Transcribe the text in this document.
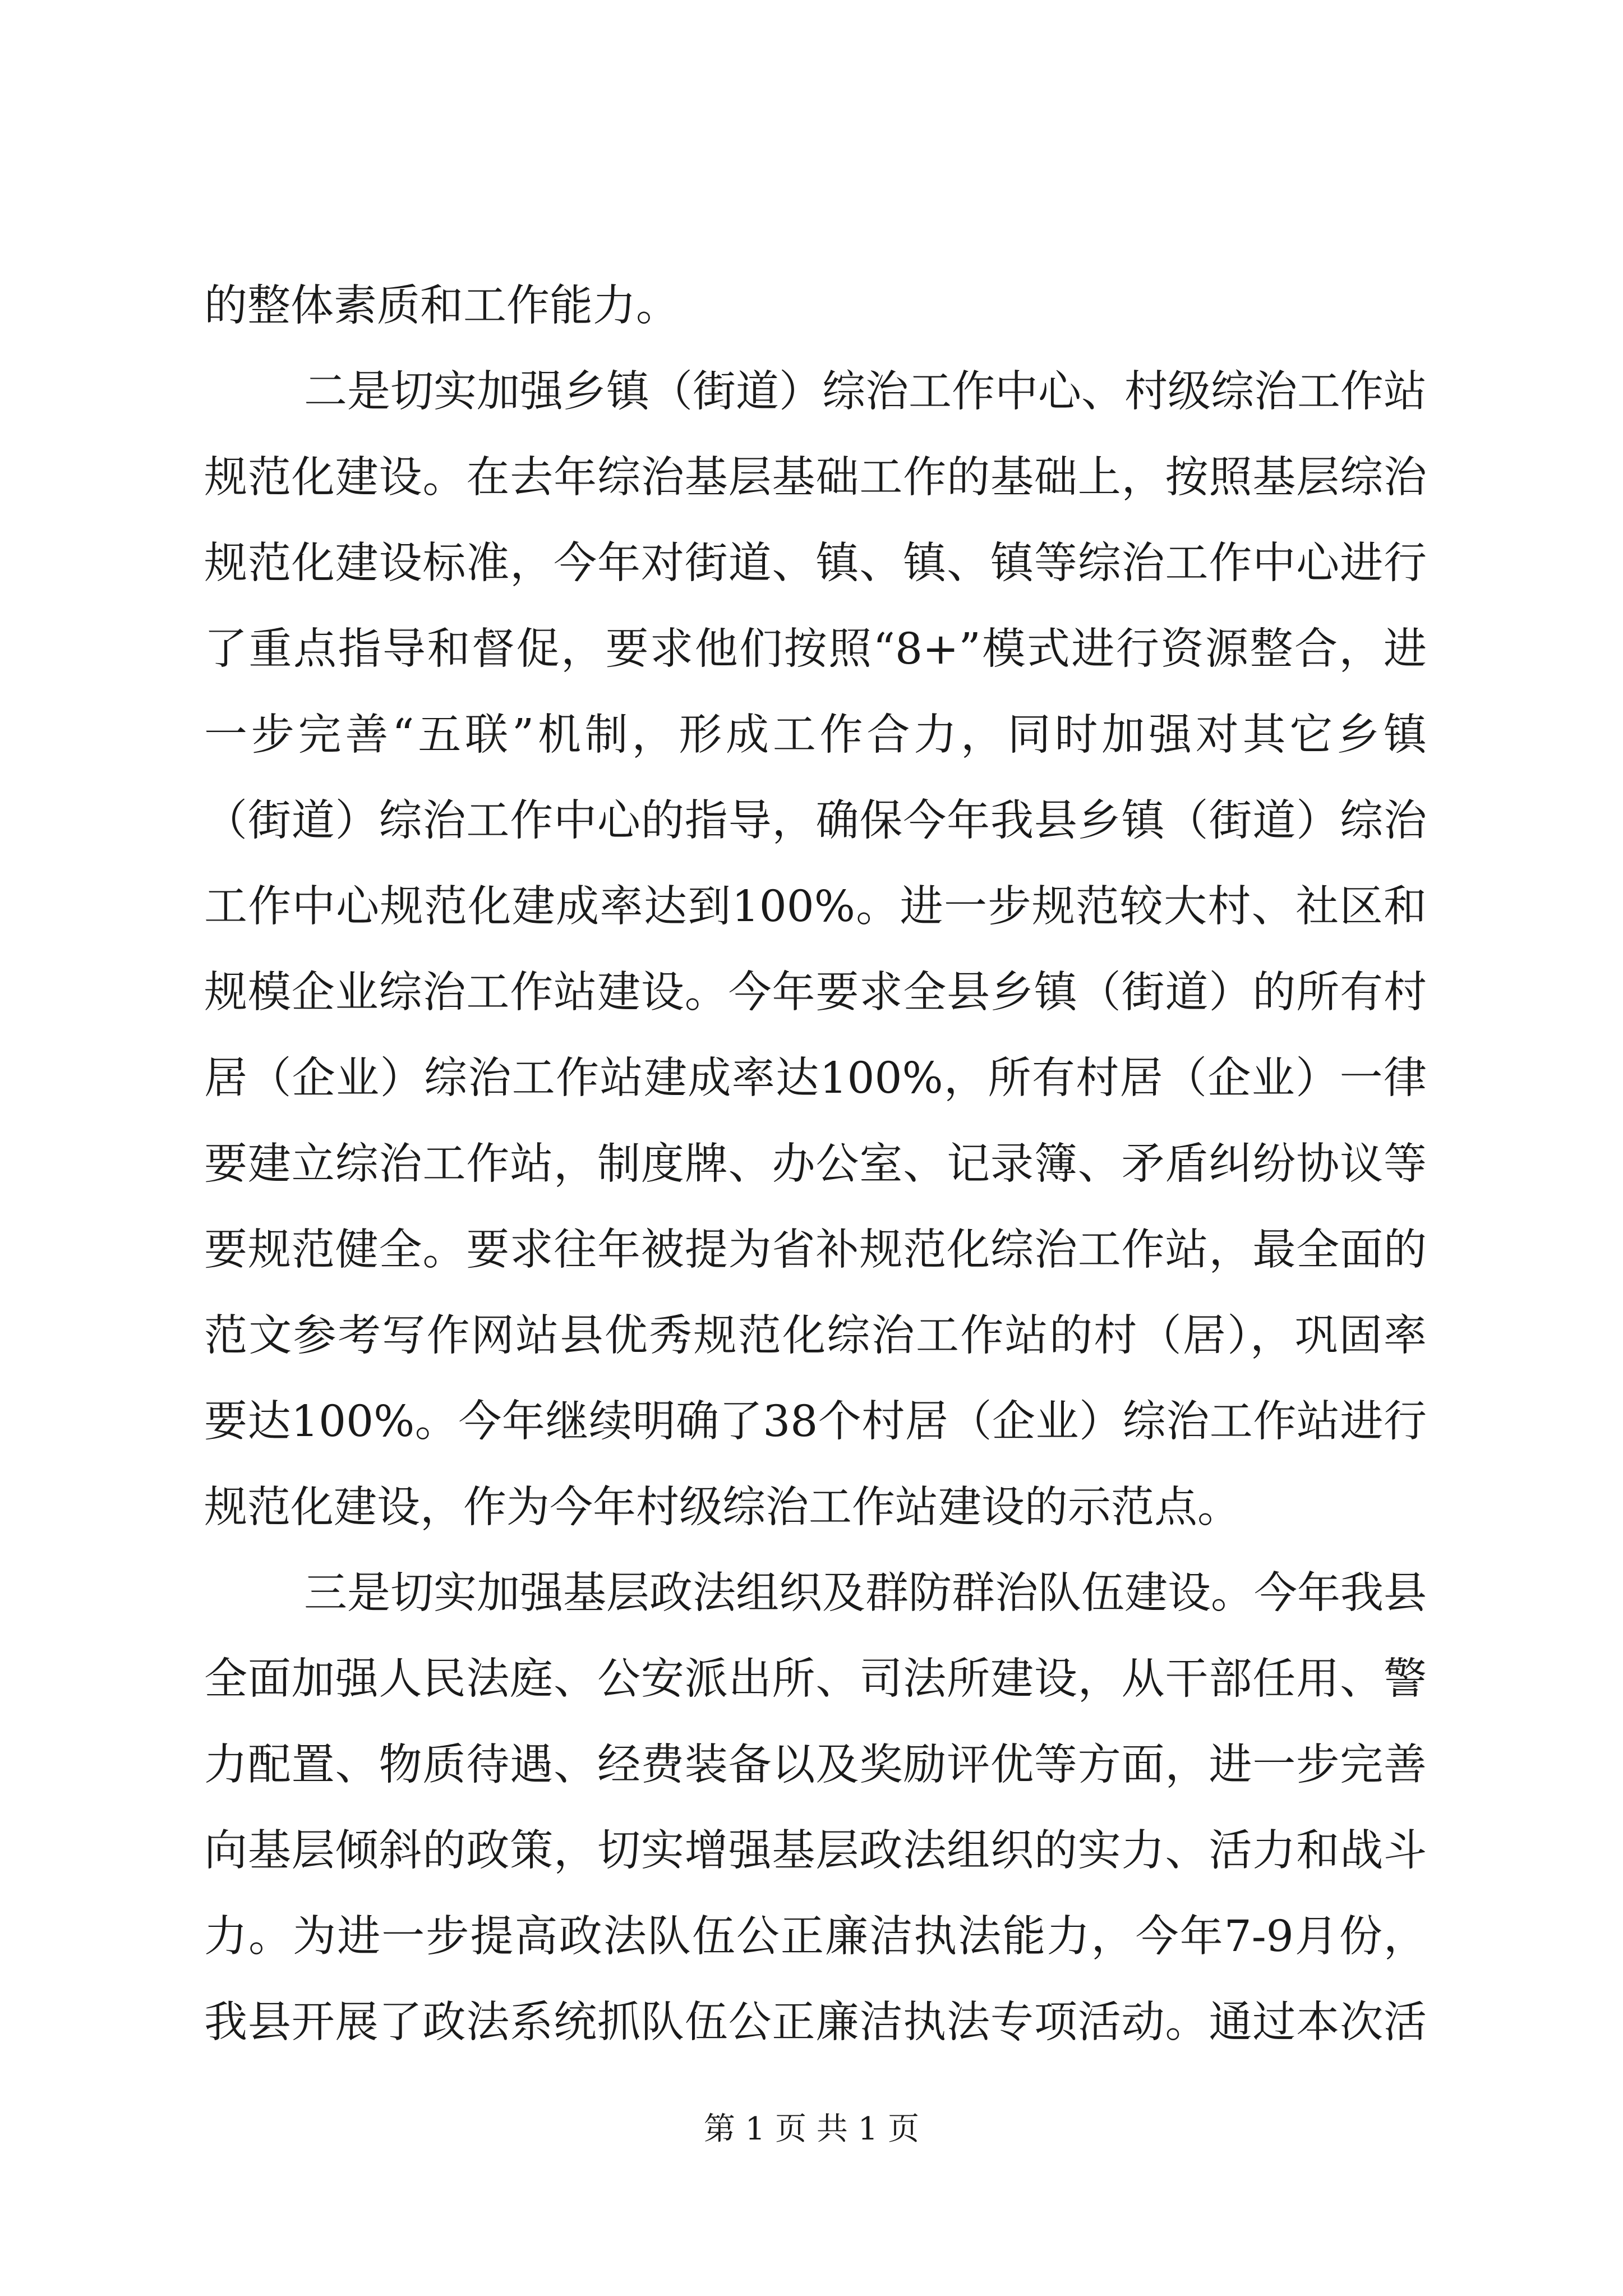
的整体素质和工作能力。
二是切实加强乡镇（街道）综治工作中心、村级综治工作站
规范化建设。在去年综治基层基础工作的基础上，按照基层综治
规范化建设标准，今年对街道、镇、镇、镇等综治工作中心进行
了重点指导和督促，要求他们按照“8+”模式进行资源整合，进
一步完善“五联”机制，形成工作合力，同时加强对其它乡镇
（街道）综治工作中心的指导，确保今年我县乡镇（街道）综治
工作中心规范化建成率达到100%。进一步规范较大村、社区和
规模企业综治工作站建设。今年要求全县乡镇（街道）的所有村
居（企业）综治工作站建成率达100%，所有村居（企业）一律
要建立综治工作站，制度牌、办公室、记录簿、矛盾纠纷协议等
要规范健全。要求往年被提为省补规范化综治工作站，最全面的
范文参考写作网站县优秀规范化综治工作站的村（居），巩固率
要达100%。今年继续明确了38个村居（企业）综治工作站进行
规范化建设，作为今年村级综治工作站建设的示范点。
三是切实加强基层政法组织及群防群治队伍建设。今年我县
全面加强人民法庭、公安派出所、司法所建设，从干部任用、警
力配置、物质待遇、经费装备以及奖励评优等方面，进一步完善
向基层倾斜的政策，切实增强基层政法组织的实力、活力和战斗
力。为进一步提高政法队伍公正廉洁执法能力，今年7-9月份，
我县开展了政法系统抓队伍公正廉洁执法专项活动。通过本次活
第 1 页 共 1 页
